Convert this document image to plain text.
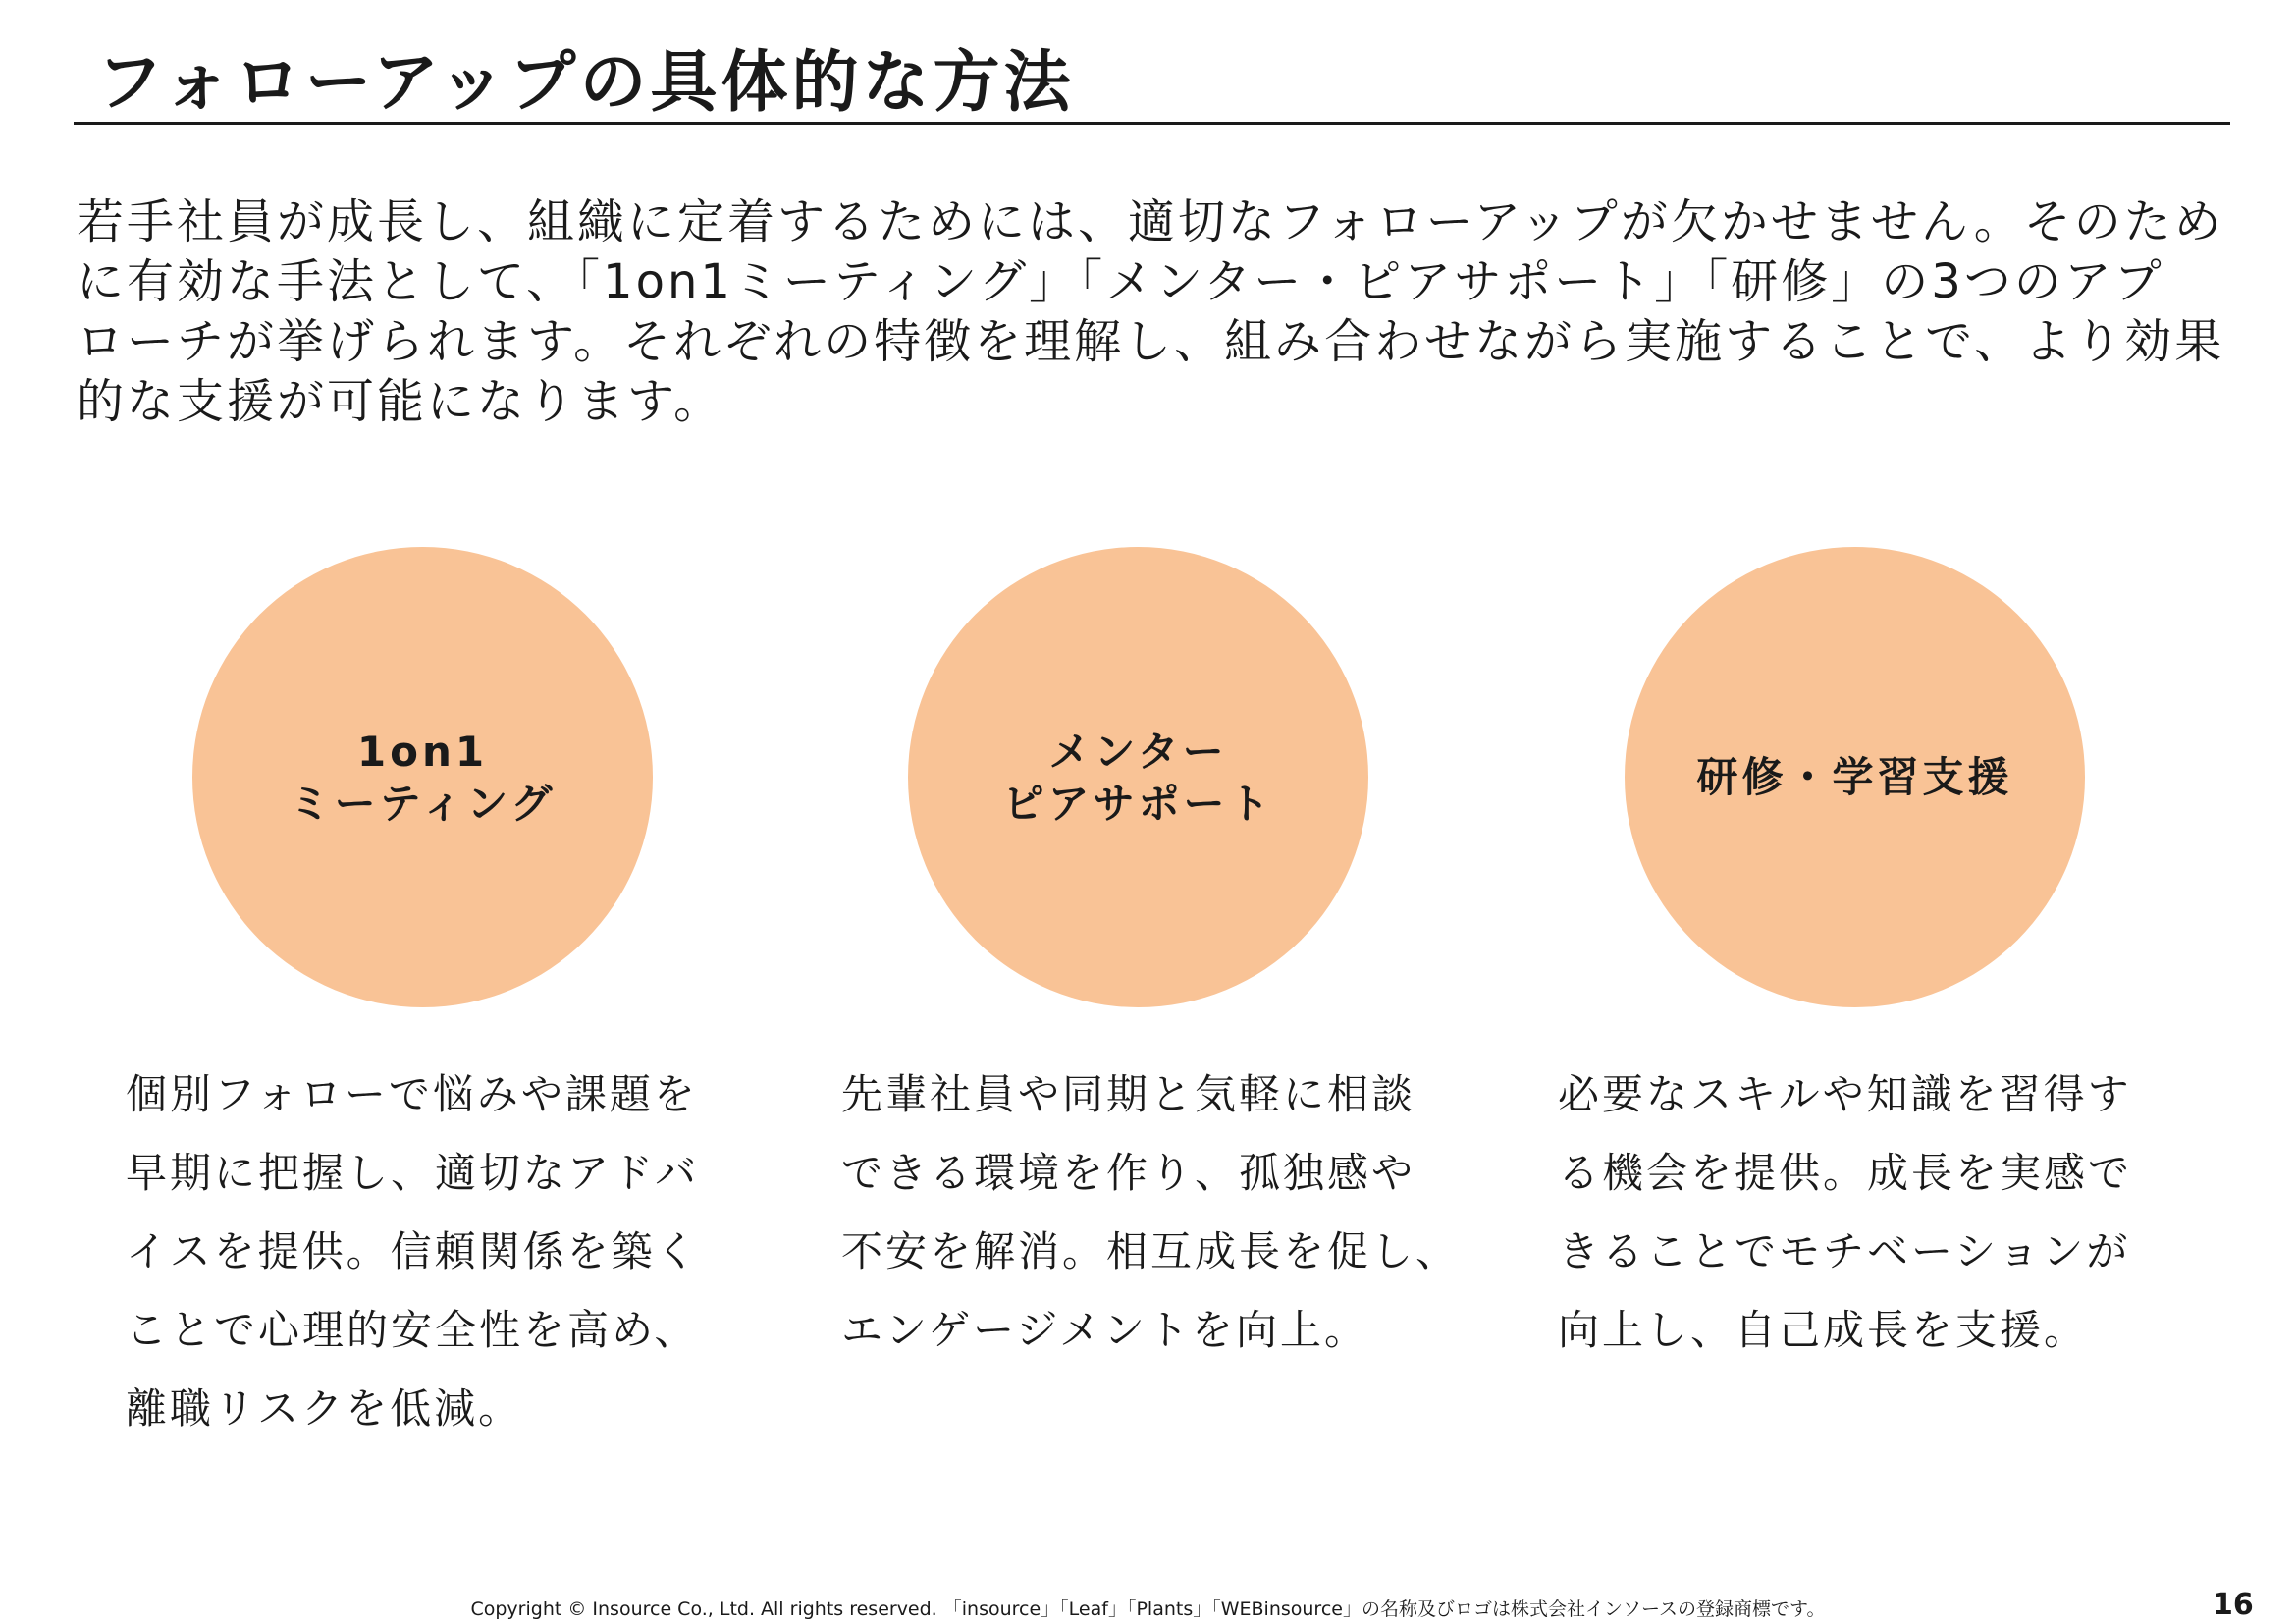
フォローアップの具体的な方法
若手社員が成長し、組織に定着するためには、適切なフォローアップが欠かせません。そのため
に有効な手法として、「1on1ミーティング」「メンター・ピアサポート」「研修」の3つのアプ
ローチが挙げられます。それぞれの特徴を理解し、組み合わせながら実施することで、より効果
的な支援が可能になります。
1on1
ミーティング
個別フォローで悩みや課題を
早期に把握し、適切なアドバ
イスを提供。信頼関係を築く
ことで心理的安全性を高め、
離職リスクを低減。
メンター
ピアサポート
先輩社員や同期と気軽に相談
できる環境を作り、孤独感や
不安を解消。相互成長を促し、
エンゲージメントを向上。
研修・学習支援
必要なスキルや知識を習得す
る機会を提供。成長を実感で
きることでモチベーションが
向上し、自己成長を支援。
Copyright © Insource Co., Ltd. All rights reserved. 「insource」「Leaf」「Plants」「WEBinsource」の名称及びロゴは株式会社インソースの登録商標です。	16
